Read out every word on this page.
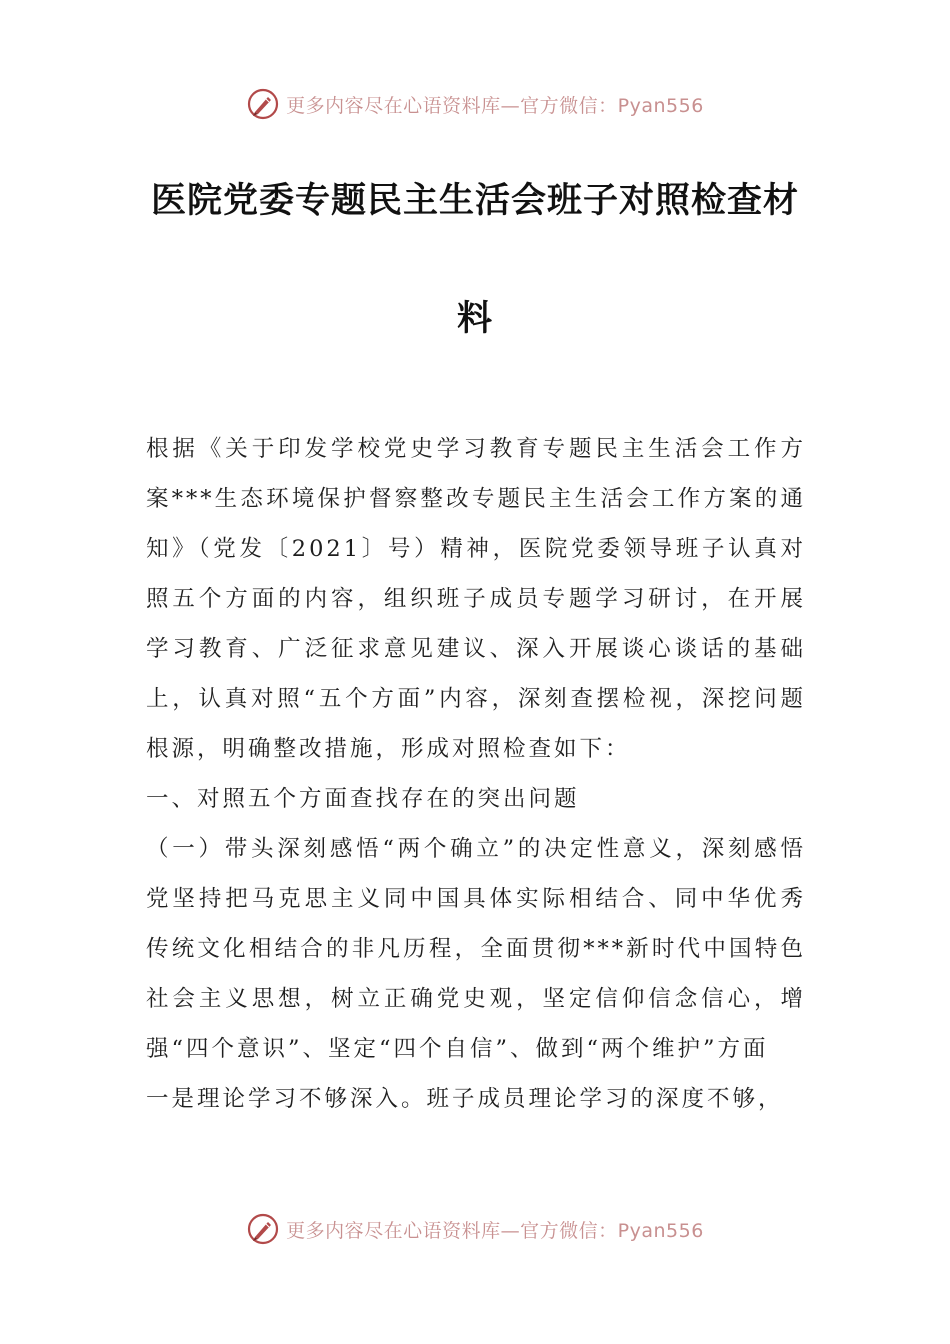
更多内容尽在心语资料库—官方微信：Pyan556
医院党委专题民主生活会班子对照检查材
料

根据《关于印发学校党史学习教育专题民主生活会工作方案***生态环境保护督察整改专题民主生活会工作方案的通知》（党发〔2021〕号）精神，医院党委领导班子认真对照五个方面的内容，组织班子成员专题学习研讨，在开展学习教育、广泛征求意见建议、深入开展谈心谈话的基础上，认真对照“五个方面”内容，深刻查摆检视，深挖问题根源，明确整改措施，形成对照检查如下：

一、对照五个方面查找存在的突出问题

（一）带头深刻感悟“两个确立”的决定性意义，深刻感悟党坚持把马克思主义同中国具体实际相结合、同中华优秀传统文化相结合的非凡历程，全面贯彻***新时代中国特色社会主义思想，树立正确党史观，坚定信仰信念信心，增强“四个意识”、坚定“四个自信”、做到“两个维护”方面

一是理论学习不够深入。班子成员理论学习的深度不够，

更多内容尽在心语资料库—官方微信：Pyan556
